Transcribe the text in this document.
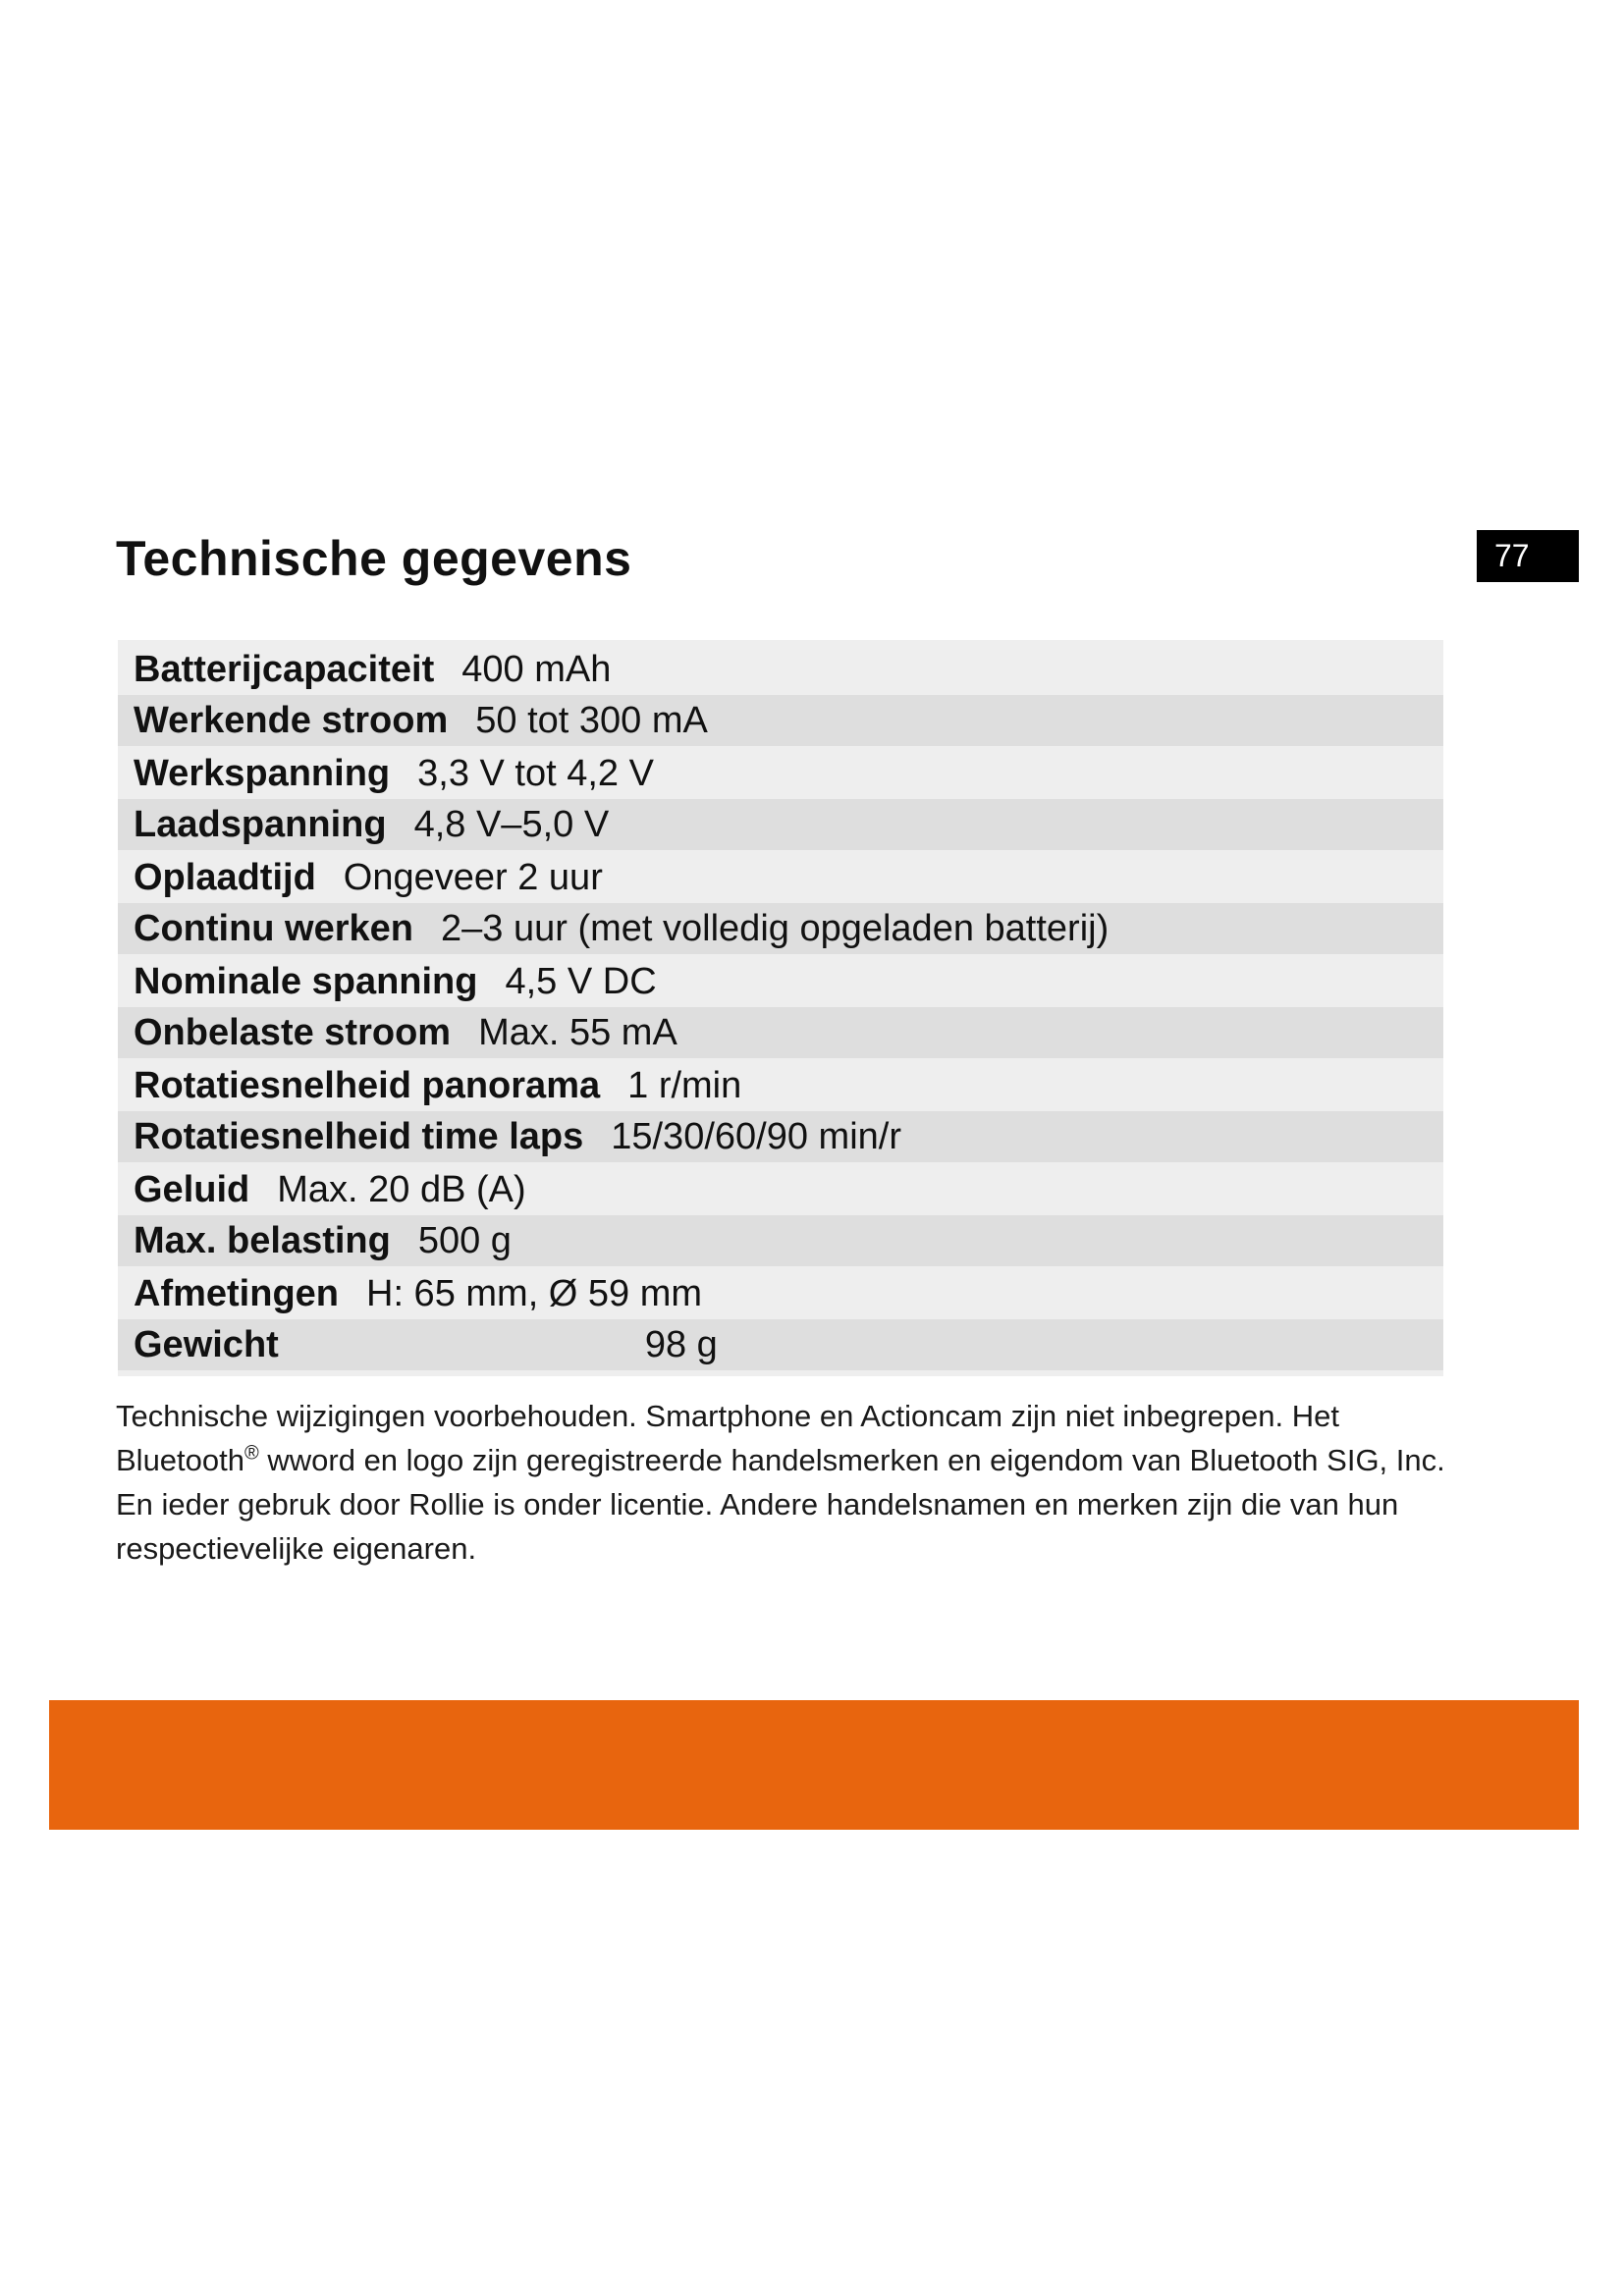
Technische gegevens	77
Batterijcapaciteit 400 mAh
Werkende stroom 50 tot 300 mA
Werkspanning 3,3 V tot 4,2 V
Laadspanning 4,8 V–5,0 V
Oplaadtijd Ongeveer 2 uur
Continu werken 2–3 uur (met volledig opgeladen batterij)
Nominale spanning 4,5 V DC
Onbelaste stroom Max. 55 mA
Rotatiesnelheid panorama 1 r/min
Rotatiesnelheid time laps 15/30/60/90 min/r
Geluid Max. 20 dB (A)
Max. belasting 500 g
Afmetingen H: 65 mm, Ø 59 mm
Gewicht	98 g

Technische wijzigingen voorbehouden. Smartphone en Actioncam zijn niet inbegrepen. Het Bluetooth® wword en logo zijn geregistreerde handelsmerken en eigendom van Bluetooth SIG, Inc. En ieder gebruk door Rollie is onder licentie. Andere handelsnamen en merken zijn die van hun respectievelijke eigenaren.
